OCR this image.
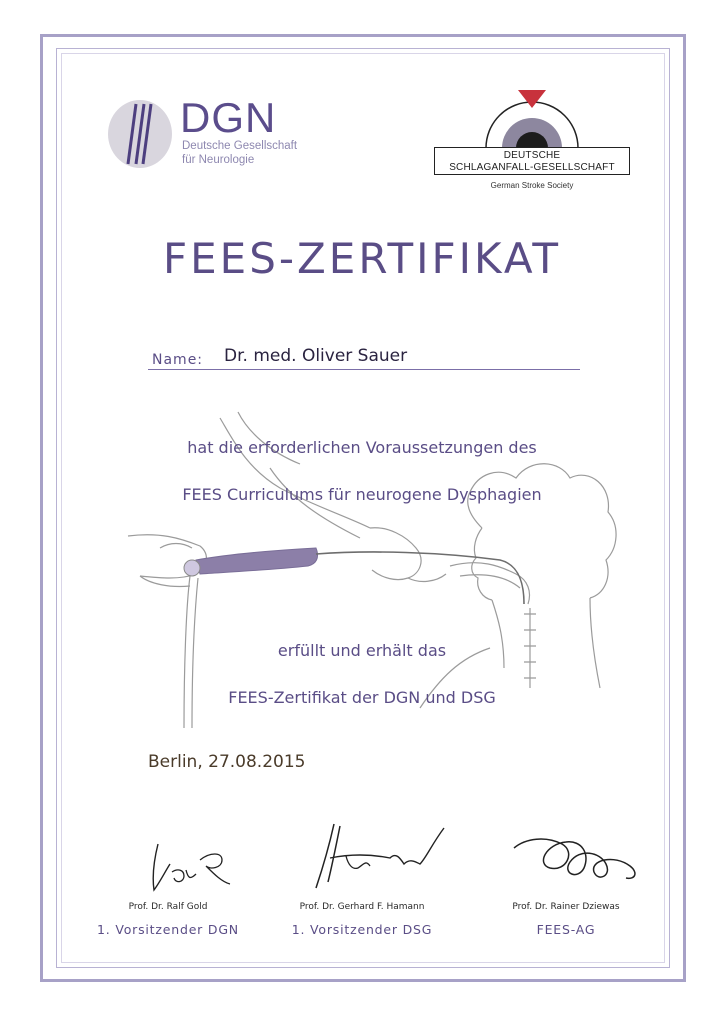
DGN
Deutsche Gesellschaft
für Neurologie	DEUTSCHE
SCHLAGANFALL-GESELLSCHAFT
German Stroke Society
FEES-ZERTIFIKAT
Name: Dr. med. Oliver Sauer
hat die erforderlichen Voraussetzungen des
FEES Curriculums für neurogene Dysphagien
erfüllt und erhält das
FEES-Zertifikat der DGN und DSG
Berlin, 27.08.2015
Prof. Dr. Ralf Gold
1. Vorsitzender DGN
Prof. Dr. Gerhard F. Hamann
1. Vorsitzender DSG
Prof. Dr. Rainer Dziewas
FEES-AG
